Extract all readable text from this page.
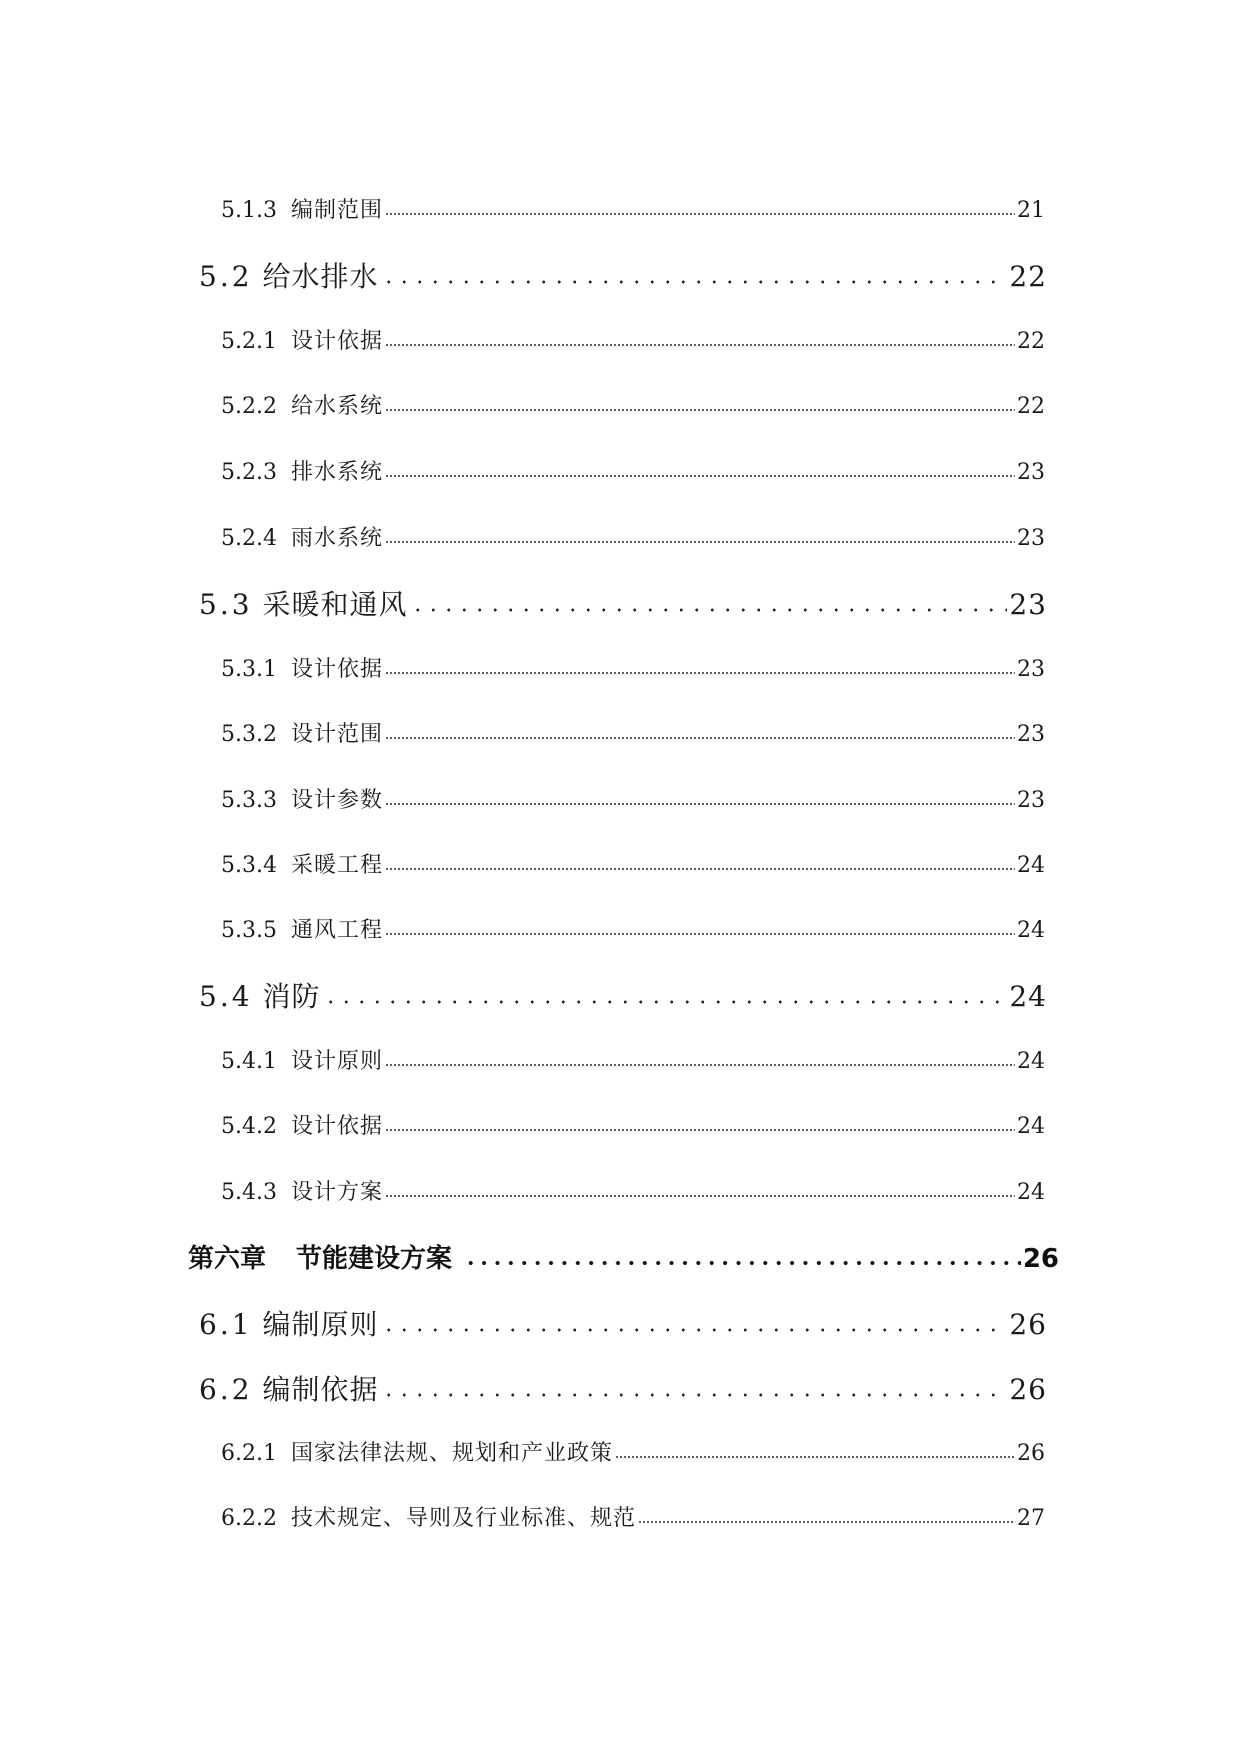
5.1.3 编制范围	21
5.2 给水排水	22
5.2.1 设计依据	22
5.2.2 给水系统	22
5.2.3 排水系统	23
5.2.4 雨水系统	23
5.3 采暖和通风	23
5.3.1 设计依据	23
5.3.2 设计范围	23
5.3.3 设计参数	23
5.3.4 采暖工程	24
5.3.5 通风工程	24
5.4 消防	24
5.4.1 设计原则	24
5.4.2 设计依据	24
5.4.3 设计方案	24
第六章 节能建设方案	26
6.1 编制原则	26
6.2 编制依据	26
6.2.1 国家法律法规、规划和产业政策	26
6.2.2 技术规定、导则及行业标准、规范	27
